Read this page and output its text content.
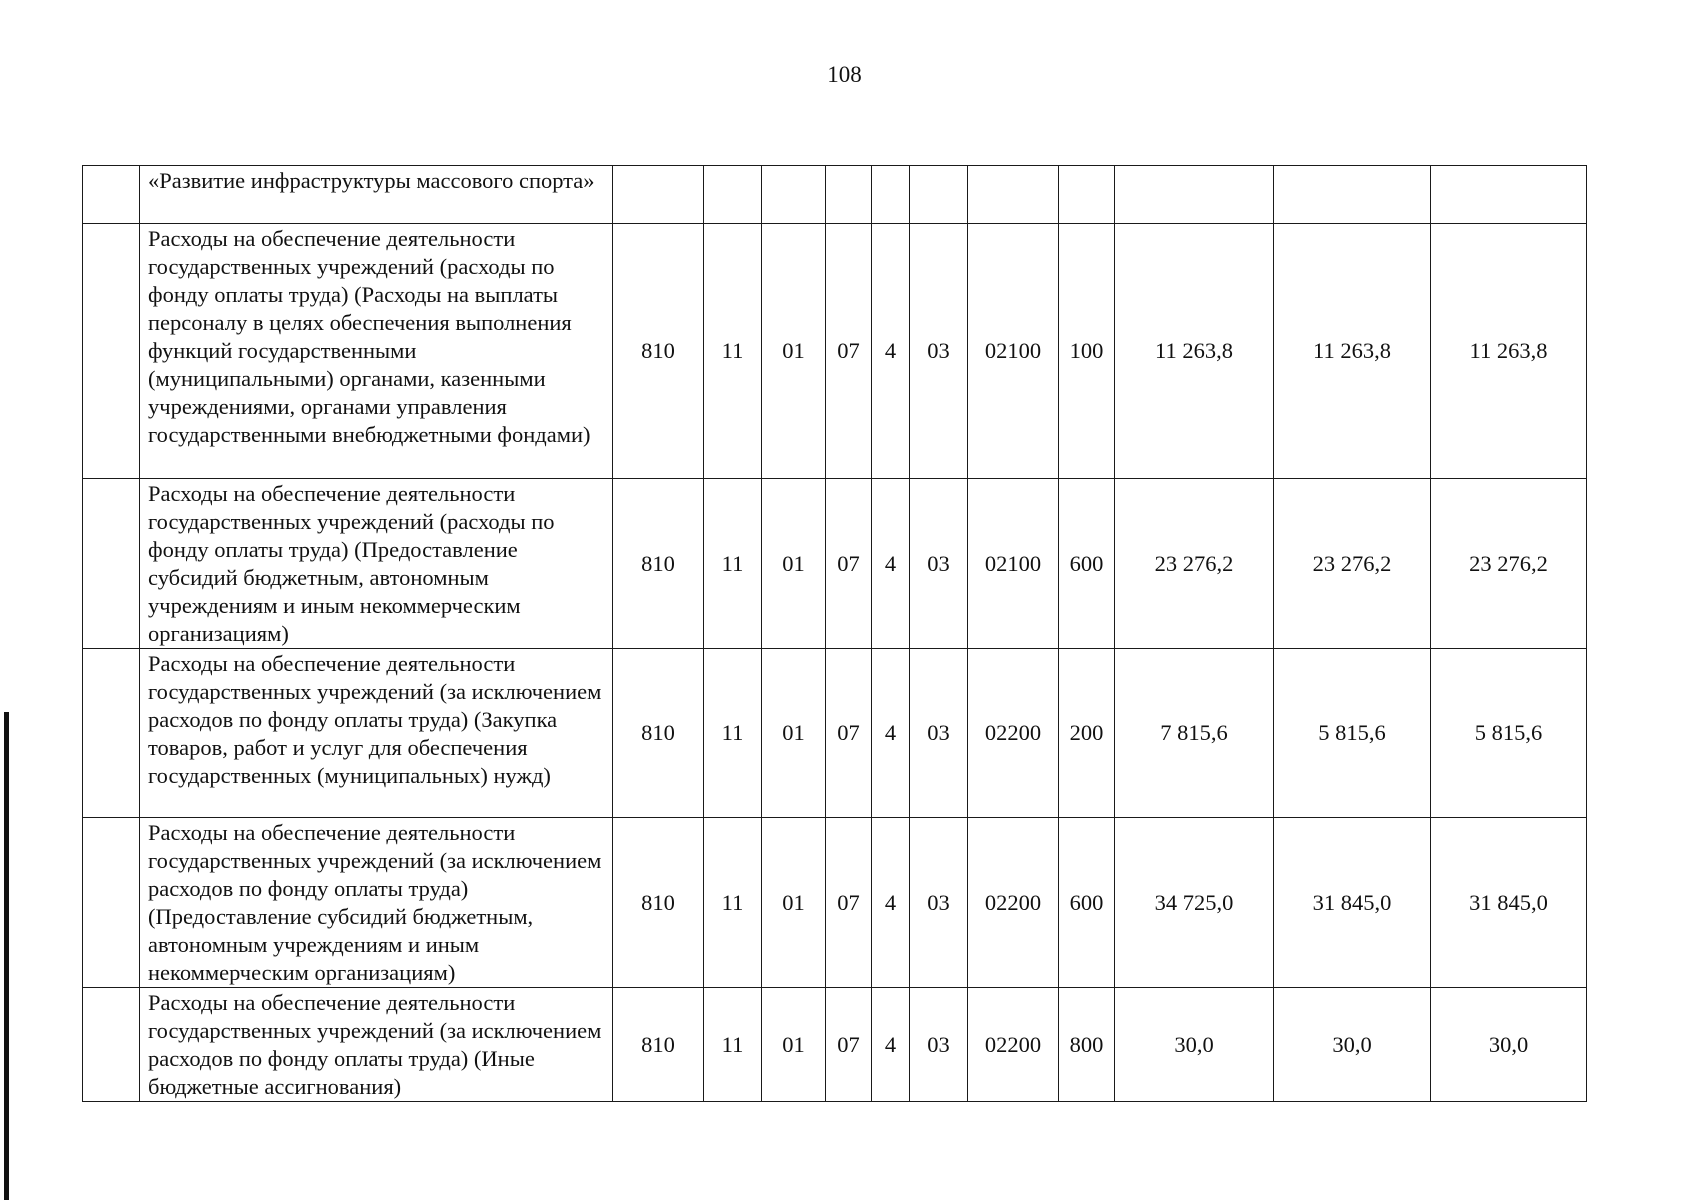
108
	«Развитие инфраструктуры массового спорта»											
	Расходы на обеспечение деятельности государственных учреждений (расходы по фонду оплаты труда) (Расходы на выплаты персоналу в целях обеспечения выполнения функций государственными (муниципальными) органами, казенными учреждениями, органами управления государственными внебюджетными фондами)	810	11	01	07	4	03	02100	100	11 263,8	11 263,8	11 263,8
	Расходы на обеспечение деятельности государственных учреждений (расходы по фонду оплаты труда) (Предоставление субсидий бюджетным, автономным учреждениям и иным некоммерческим организациям)	810	11	01	07	4	03	02100	600	23 276,2	23 276,2	23 276,2
	Расходы на обеспечение деятельности государственных учреждений (за исключением расходов по фонду оплаты труда) (Закупка товаров, работ и услуг для обеспечения государственных (муниципальных) нужд)	810	11	01	07	4	03	02200	200	7 815,6	5 815,6	5 815,6
	Расходы на обеспечение деятельности государственных учреждений (за исключением расходов по фонду оплаты труда) (Предоставление субсидий бюджетным, автономным учреждениям и иным некоммерческим организациям)	810	11	01	07	4	03	02200	600	34 725,0	31 845,0	31 845,0
	Расходы на обеспечение деятельности государственных учреждений (за исключением расходов по фонду оплаты труда) (Иные бюджетные ассигнования)	810	11	01	07	4	03	02200	800	30,0	30,0	30,0
